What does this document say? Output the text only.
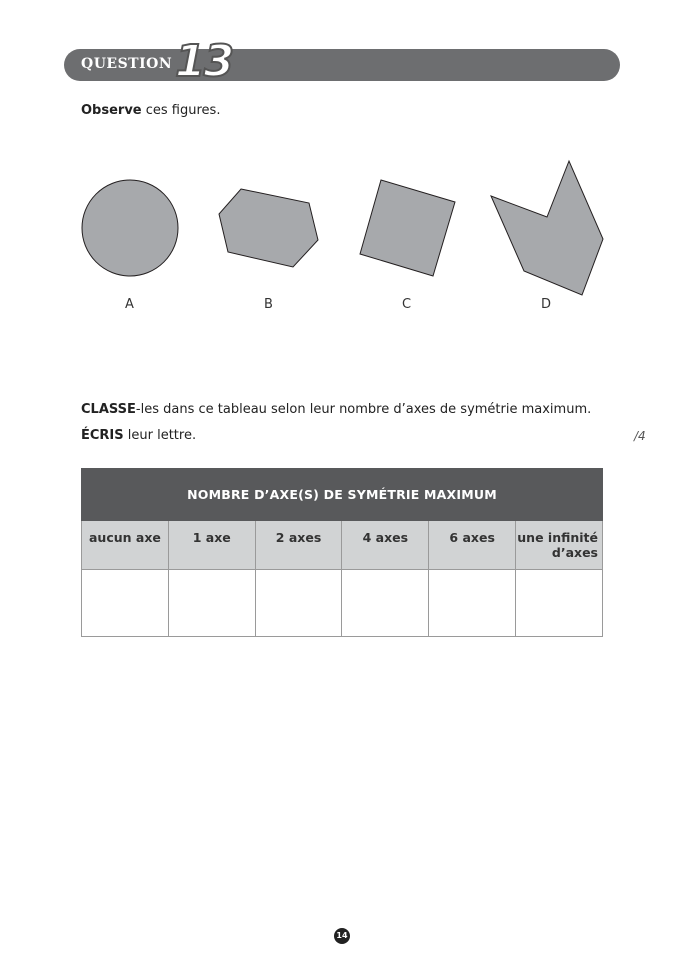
QUESTION 13
Observe ces figures.
A	B	C	D
CLASSE-les dans ce tableau selon leur nombre d’axes de symétrie maximum.
ÉCRIS leur lettre.	/4
NOMBRE D’AXE(S) DE SYMÉTRIE MAXIMUM					
aucun axe	1 axe	2 axes	4 axes	6 axes	une infinité d’axes

14
